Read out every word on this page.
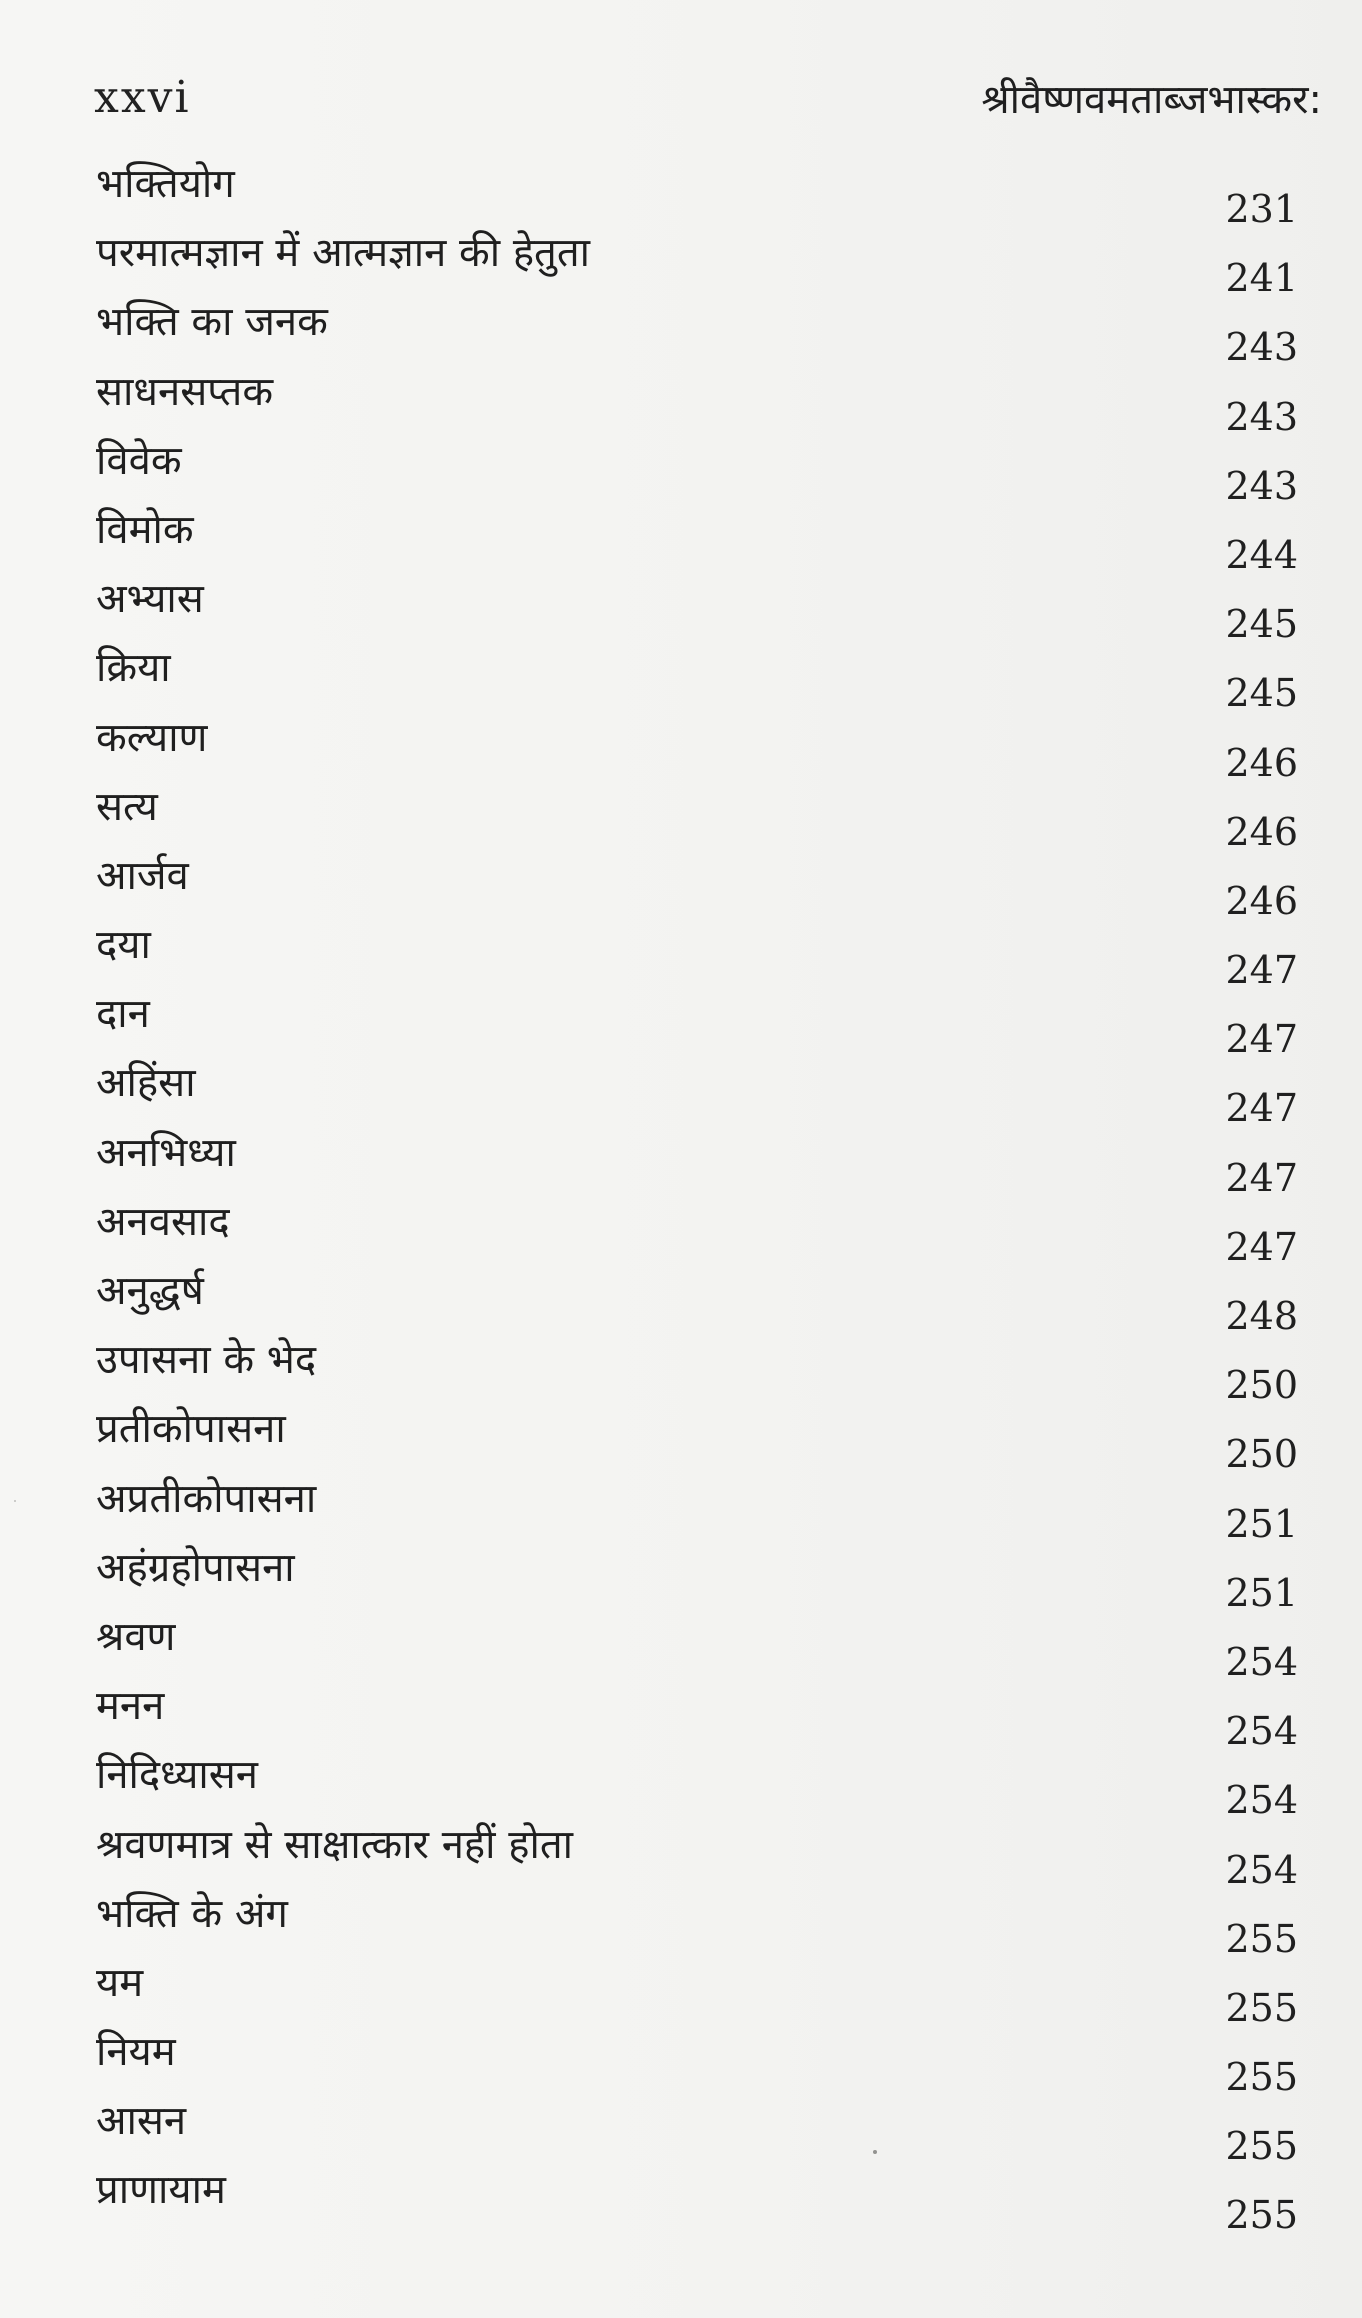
xxvi	श्रीवैष्णवमताब्जभास्कर:
भक्तियोग
231
परमात्मज्ञान में आत्मज्ञान की हेतुता
241
भक्ति का जनक
243
साधनसप्तक
243
विवेक
243
विमोक
244
अभ्यास
245
क्रिया
245
कल्याण
246
सत्य
246
आर्जव
246
दया
247
दान
247
अहिंसा
247
अनभिध्या
247
अनवसाद
247
अनुद्धर्ष
248
उपासना के भेद
250
प्रतीकोपासना
250
अप्रतीकोपासना
251
अहंग्रहोपासना
251
श्रवण
254
मनन
254
निदिध्यासन
254
श्रवणमात्र से साक्षात्कार नहीं होता
254
भक्ति के अंग
255
यम
255
नियम
255
आसन
255
प्राणायाम
255
